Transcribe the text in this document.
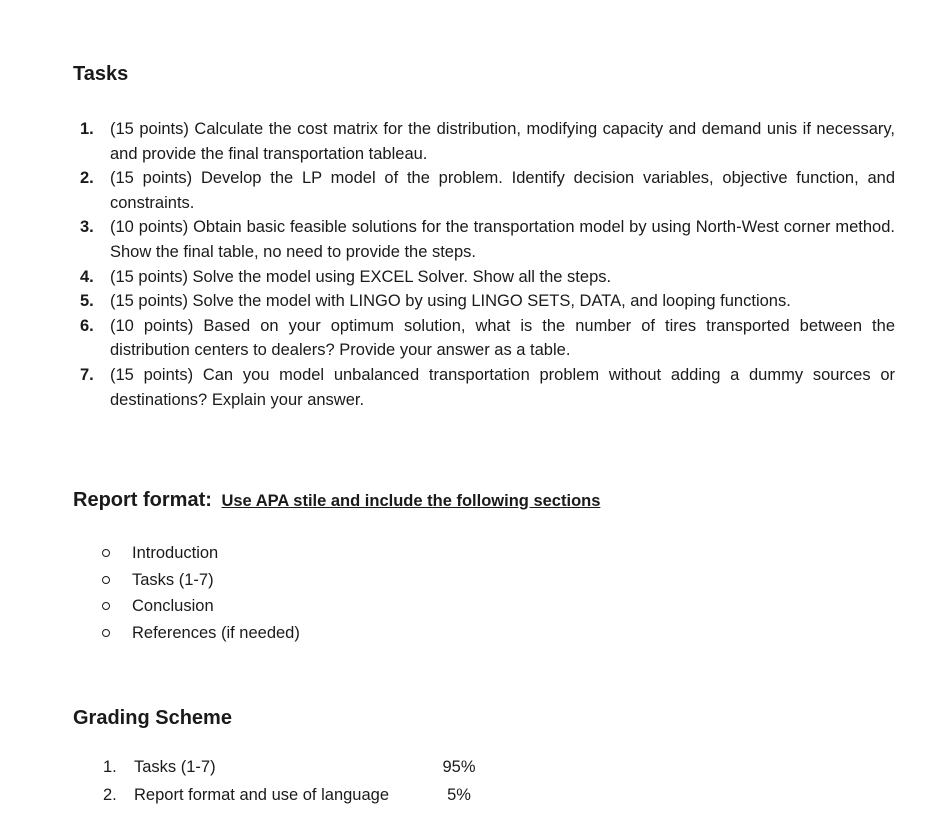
Tasks
1. (15 points) Calculate the cost matrix for the distribution, modifying capacity and demand unis if necessary, and provide the final transportation tableau.
2. (15 points) Develop the LP model of the problem. Identify decision variables, objective function, and constraints.
3. (10 points) Obtain basic feasible solutions for the transportation model by using North-West corner method. Show the final table, no need to provide the steps.
4. (15 points) Solve the model using EXCEL Solver. Show all the steps.
5. (15 points) Solve the model with LINGO by using LINGO SETS, DATA, and looping functions.
6. (10 points) Based on your optimum solution, what is the number of tires transported between the distribution centers to dealers? Provide your answer as a table.
7. (15 points) Can you model unbalanced transportation problem without adding a dummy sources or destinations? Explain your answer.
Report format: Use APA stile and include the following sections
Introduction
Tasks (1-7)
Conclusion
References (if needed)
Grading Scheme
1.	Tasks (1-7)	95%
2.	Report format and use of language	5%
